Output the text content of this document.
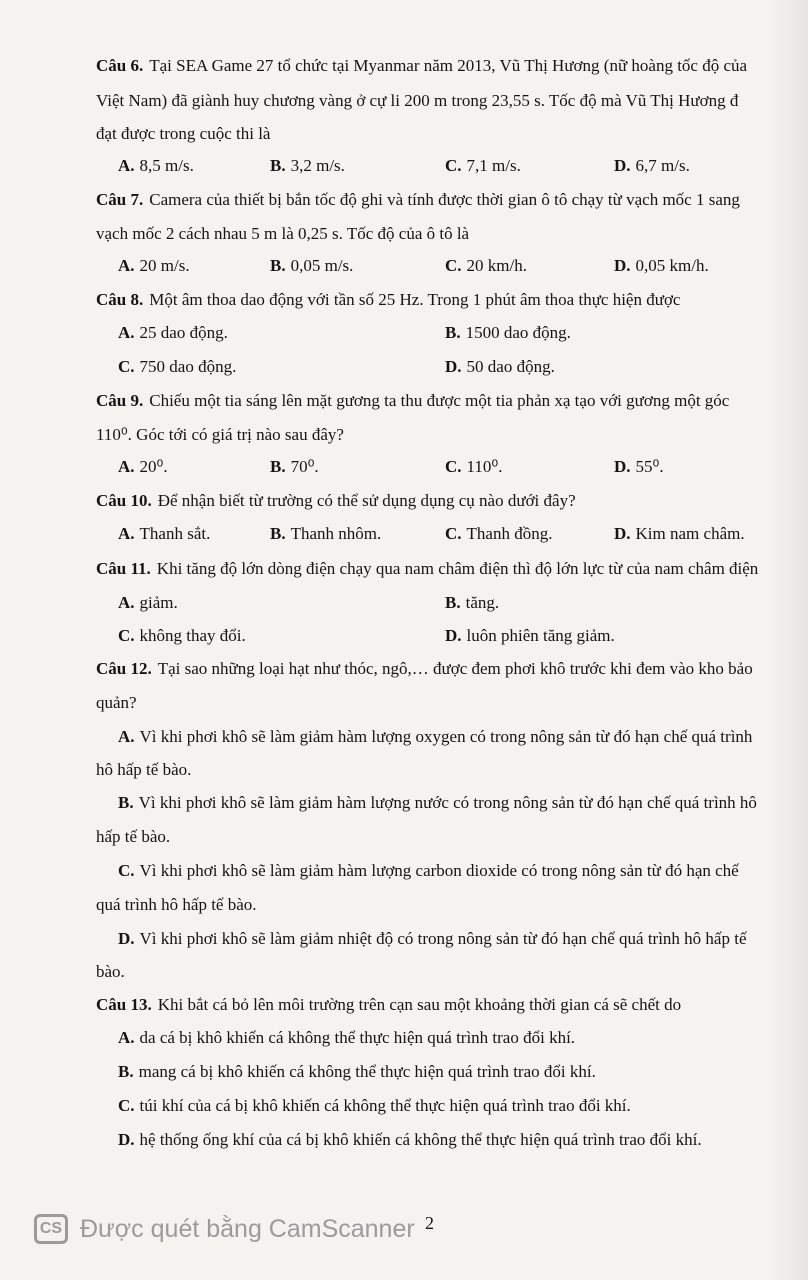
Câu 6. Tại SEA Game 27 tổ chức tại Myanmar năm 2013, Vũ Thị Hương (nữ hoàng tốc độ của
Việt Nam) đã giành huy chương vàng ở cự li 200 m trong 23,55 s. Tốc độ mà Vũ Thị Hương đ
đạt được trong cuộc thi là
A. 8,5 m/s.	B. 3,2 m/s.	C. 7,1 m/s.	D. 6,7 m/s.
Câu 7. Camera của thiết bị bắn tốc độ ghi và tính được thời gian ô tô chạy từ vạch mốc 1 sang
vạch mốc 2 cách nhau 5 m là 0,25 s. Tốc độ của ô tô là
A. 20 m/s.	B. 0,05 m/s.	C. 20 km/h.	D. 0,05 km/h.
Câu 8. Một âm thoa dao động với tần số 25 Hz. Trong 1 phút âm thoa thực hiện được
A. 25 dao động.	B. 1500 dao động.
C. 750 dao động.	D. 50 dao động.
Câu 9. Chiếu một tia sáng lên mặt gương ta thu được một tia phản xạ tạo với gương một góc
110⁰. Góc tới có giá trị nào sau đây?
A. 20⁰.	B. 70⁰.	C. 110⁰.	D. 55⁰.
Câu 10. Để nhận biết từ trường có thể sử dụng dụng cụ nào dưới đây?
A. Thanh sắt.	B. Thanh nhôm.	C. Thanh đồng.	D. Kim nam châm.
Câu 11. Khi tăng độ lớn dòng điện chạy qua nam châm điện thì độ lớn lực từ của nam châm điện
A. giảm.	B. tăng.
C. không thay đổi.	D. luôn phiên tăng giảm.
Câu 12. Tại sao những loại hạt như thóc, ngô,… được đem phơi khô trước khi đem vào kho bảo
quản?
A. Vì khi phơi khô sẽ làm giảm hàm lượng oxygen có trong nông sản từ đó hạn chế quá trình
hô hấp tế bào.
B. Vì khi phơi khô sẽ làm giảm hàm lượng nước có trong nông sản từ đó hạn chế quá trình hô
hấp tế bào.
C. Vì khi phơi khô sẽ làm giảm hàm lượng carbon dioxide có trong nông sản từ đó hạn chế
quá trình hô hấp tế bào.
D. Vì khi phơi khô sẽ làm giảm nhiệt độ có trong nông sản từ đó hạn chế quá trình hô hấp tế
bào.
Câu 13. Khi bắt cá bỏ lên môi trường trên cạn sau một khoảng thời gian cá sẽ chết do
A. da cá bị khô khiến cá không thể thực hiện quá trình trao đổi khí.
B. mang cá bị khô khiến cá không thể thực hiện quá trình trao đổi khí.
C. túi khí của cá bị khô khiến cá không thể thực hiện quá trình trao đổi khí.
D. hệ thống ống khí của cá bị khô khiến cá không thể thực hiện quá trình trao đổi khí.
CS Được quét bằng CamScanner 2
